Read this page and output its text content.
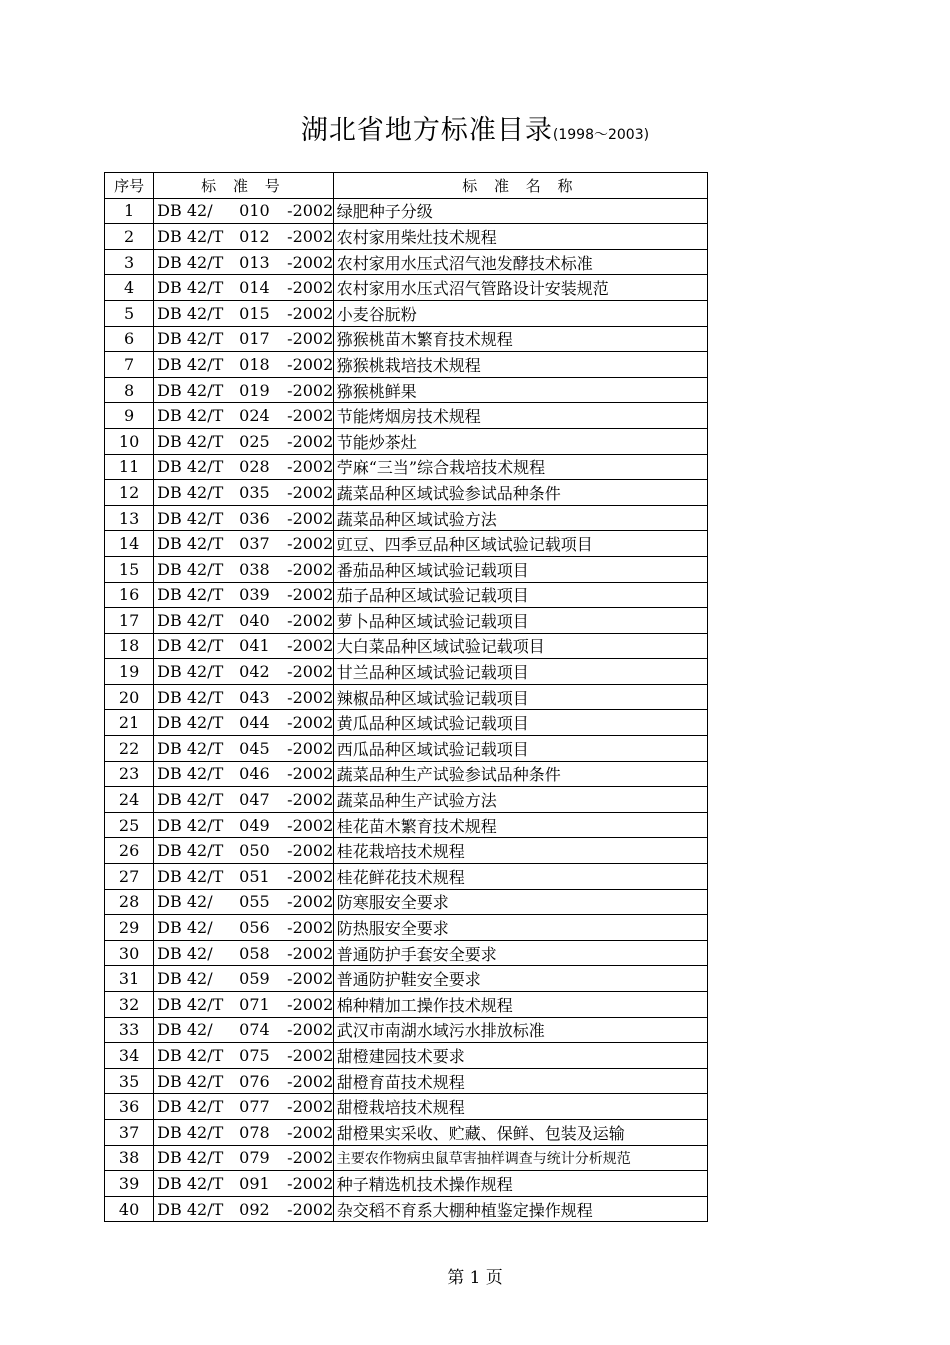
湖北省地方标准目录(1998～2003)
序号	标 准 号	标 准 名 称
1	DB 42/ 010 -2002	绿肥种子分级
2	DB 42/T 012 -2002	农村家用柴灶技术规程
3	DB 42/T 013 -2002	农村家用水压式沼气池发酵技术标准
4	DB 42/T 014 -2002	农村家用水压式沼气管路设计安装规范
5	DB 42/T 015 -2002	小麦谷朊粉
6	DB 42/T 017 -2002	猕猴桃苗木繁育技术规程
7	DB 42/T 018 -2002	猕猴桃栽培技术规程
8	DB 42/T 019 -2002	猕猴桃鲜果
9	DB 42/T 024 -2002	节能烤烟房技术规程
10	DB 42/T 025 -2002	节能炒茶灶
11	DB 42/T 028 -2002	苧麻“三当”综合栽培技术规程
12	DB 42/T 035 -2002	蔬菜品种区域试验参试品种条件
13	DB 42/T 036 -2002	蔬菜品种区域试验方法
14	DB 42/T 037 -2002	豇豆、四季豆品种区域试验记载项目
15	DB 42/T 038 -2002	番茄品种区域试验记载项目
16	DB 42/T 039 -2002	茄子品种区域试验记载项目
17	DB 42/T 040 -2002	萝卜品种区域试验记载项目
18	DB 42/T 041 -2002	大白菜品种区域试验记载项目
19	DB 42/T 042 -2002	甘兰品种区域试验记载项目
20	DB 42/T 043 -2002	辣椒品种区域试验记载项目
21	DB 42/T 044 -2002	黄瓜品种区域试验记载项目
22	DB 42/T 045 -2002	西瓜品种区域试验记载项目
23	DB 42/T 046 -2002	蔬菜品种生产试验参试品种条件
24	DB 42/T 047 -2002	蔬菜品种生产试验方法
25	DB 42/T 049 -2002	桂花苗木繁育技术规程
26	DB 42/T 050 -2002	桂花栽培技术规程
27	DB 42/T 051 -2002	桂花鲜花技术规程
28	DB 42/ 055 -2002	防寒服安全要求
29	DB 42/ 056 -2002	防热服安全要求
30	DB 42/ 058 -2002	普通防护手套安全要求
31	DB 42/ 059 -2002	普通防护鞋安全要求
32	DB 42/T 071 -2002	棉种精加工操作技术规程
33	DB 42/ 074 -2002	武汉市南湖水域污水排放标准
34	DB 42/T 075 -2002	甜橙建园技术要求
35	DB 42/T 076 -2002	甜橙育苗技术规程
36	DB 42/T 077 -2002	甜橙栽培技术规程
37	DB 42/T 078 -2002	甜橙果实采收、贮藏、保鲜、包装及运输
38	DB 42/T 079 -2002	主要农作物病虫鼠草害抽样调查与统计分析规范
39	DB 42/T 091 -2002	种子精选机技术操作规程
40	DB 42/T 092 -2002	杂交稻不育系大棚种植鉴定操作规程
第 1 页
